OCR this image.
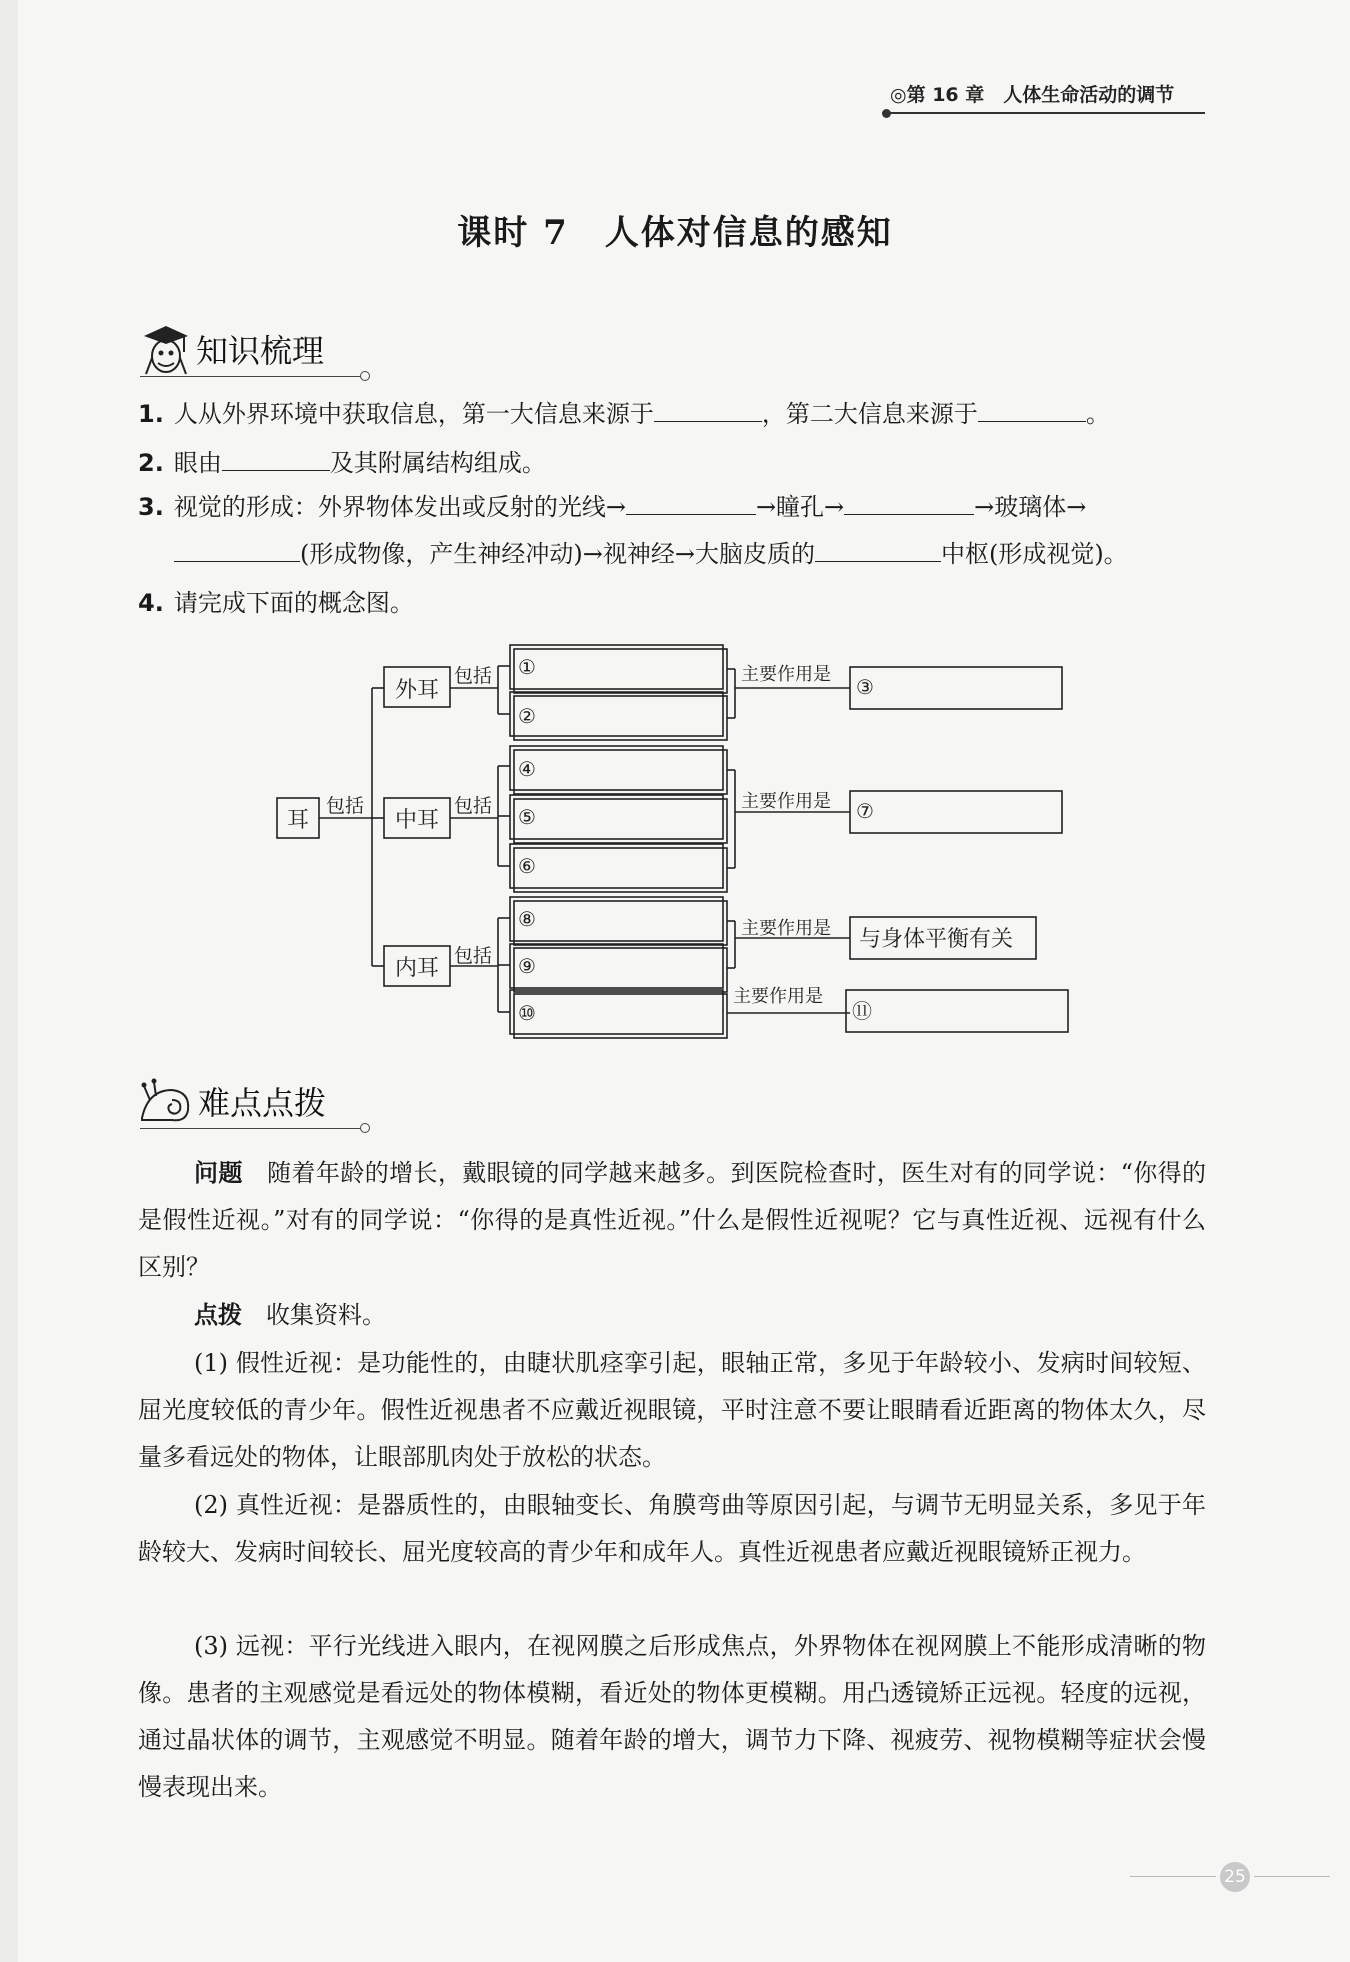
◎第 16 章　人体生命活动的调节
课时 7　人体对信息的感知
知识梳理
1. 人从外界环境中获取信息，第一大信息来源于	，第二大信息来源于	。
2. 眼由	及其附属结构组成。
3. 视觉的形成：外界物体发出或反射的光线→	→瞳孔→	→玻璃体→
(形成物像，产生神经冲动)→视神经→大脑皮质的	中枢(形成视觉)。
4. 请完成下面的概念图。
耳
包括
外耳
中耳
内耳
包括
包括
包括
①
②
④
⑤
⑥
⑧
⑨
⑩
主要作用是
主要作用是
主要作用是
主要作用是
③
⑦
与身体平衡有关
⑪
难点点拨
问题　 随着年龄的增长，戴眼镜的同学越来越多。到医院检查时，医生对有的同学说：“你得的是假性近视。”对有的同学说：“你得的是真性近视。”什么是假性近视呢？它与真性近视、远视有什么区别？
点拨　 收集资料。
(1) 假性近视：是功能性的，由睫状肌痉挛引起，眼轴正常，多见于年龄较小、发病时间较短、屈光度较低的青少年。假性近视患者不应戴近视眼镜，平时注意不要让眼睛看近距离的物体太久，尽量多看远处的物体，让眼部肌肉处于放松的状态。
(2) 真性近视：是器质性的，由眼轴变长、角膜弯曲等原因引起，与调节无明显关系，多见于年龄较大、发病时间较长、屈光度较高的青少年和成年人。真性近视患者应戴近视眼镜矫正视力。
(3) 远视：平行光线进入眼内，在视网膜之后形成焦点，外界物体在视网膜上不能形成清晰的物像。患者的主观感觉是看远处的物体模糊，看近处的物体更模糊。用凸透镜矫正远视。轻度的远视，通过晶状体的调节，主观感觉不明显。随着年龄的增大，调节力下降、视疲劳、视物模糊等症状会慢慢表现出来。
25
